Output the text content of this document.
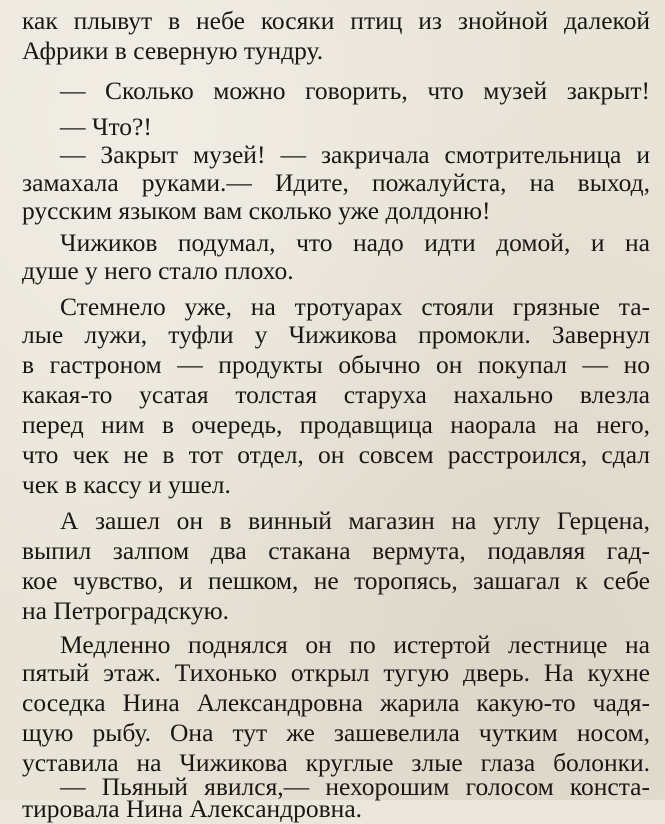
как плывут в небе косяки птиц из знойной далекой
Африки в северную тундру.
— Сколько можно говорить, что музей закрыт!
— Что?!
— Закрыт музей! — закричала смотрительница и
замахала руками.— Идите, пожалуйста, на выход,
русским языком вам сколько уже долдоню!
Чижиков подумал, что надо идти домой, и на
душе у него стало плохо.
Стемнело уже, на тротуарах стояли грязные та-
лые лужи, туфли у Чижикова промокли. Завернул
в гастроном — продукты обычно он покупал — но
какая-то усатая толстая старуха нахально влезла
перед ним в очередь, продавщица наорала на него,
что чек не в тот отдел, он совсем расстроился, сдал
чек в кассу и ушел.
А зашел он в винный магазин на углу Герцена,
выпил залпом два стакана вермута, подавляя гад-
кое чувство, и пешком, не торопясь, зашагал к себе
на Петроградскую.
Медленно поднялся он по истертой лестнице на
пятый этаж. Тихонько открыл тугую дверь. На кухне
соседка Нина Александровна жарила какую-то чадя-
щую рыбу. Она тут же зашевелила чутким носом,
уставила на Чижикова круглые злые глаза болонки.
— Пьяный явился,— нехорошим голосом конста-
тировала Нина Александровна.
